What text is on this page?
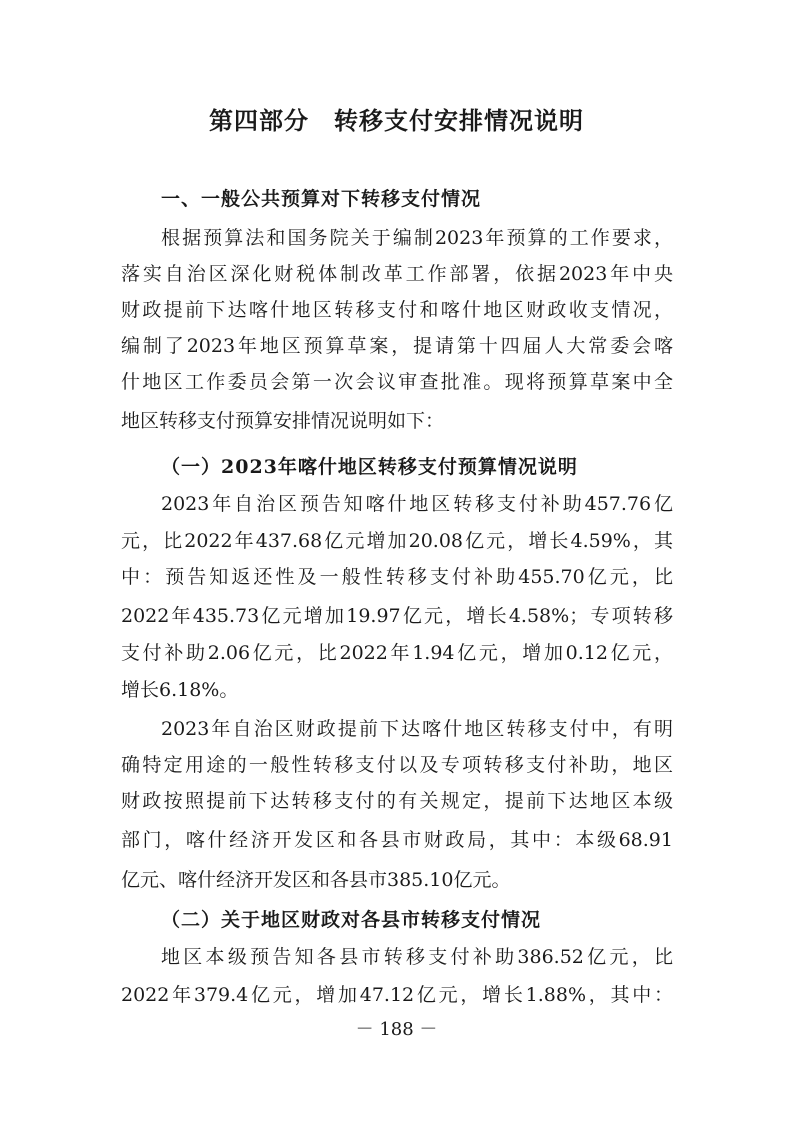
第四部分　转移支付安排情况说明
一、一般公共预算对下转移支付情况
根据预算法和国务院关于编制2023年预算的工作要求，
落实自治区深化财税体制改革工作部署，依据2023年中央
财政提前下达喀什地区转移支付和喀什地区财政收支情况，
编制了2023年地区预算草案，提请第十四届人大常委会喀
什地区工作委员会第一次会议审查批准。现将预算草案中全
地区转移支付预算安排情况说明如下：
（一）2023年喀什地区转移支付预算情况说明
2023年自治区预告知喀什地区转移支付补助457.76亿
元，比2022年437.68亿元增加20.08亿元，增长4.59%，其
中：预告知返还性及一般性转移支付补助455.70亿元，比
2022年435.73亿元增加19.97亿元，增长4.58%；专项转移
支付补助2.06亿元，比2022年1.94亿元，增加0.12亿元，
增长6.18%。
2023年自治区财政提前下达喀什地区转移支付中，有明
确特定用途的一般性转移支付以及专项转移支付补助，地区
财政按照提前下达转移支付的有关规定，提前下达地区本级
部门，喀什经济开发区和各县市财政局，其中：本级68.91
亿元、喀什经济开发区和各县市385.10亿元。
（二）关于地区财政对各县市转移支付情况
地区本级预告知各县市转移支付补助386.52亿元，比
2022年379.4亿元，增加47.12亿元，增长1.88%，其中：
－ 188 －
